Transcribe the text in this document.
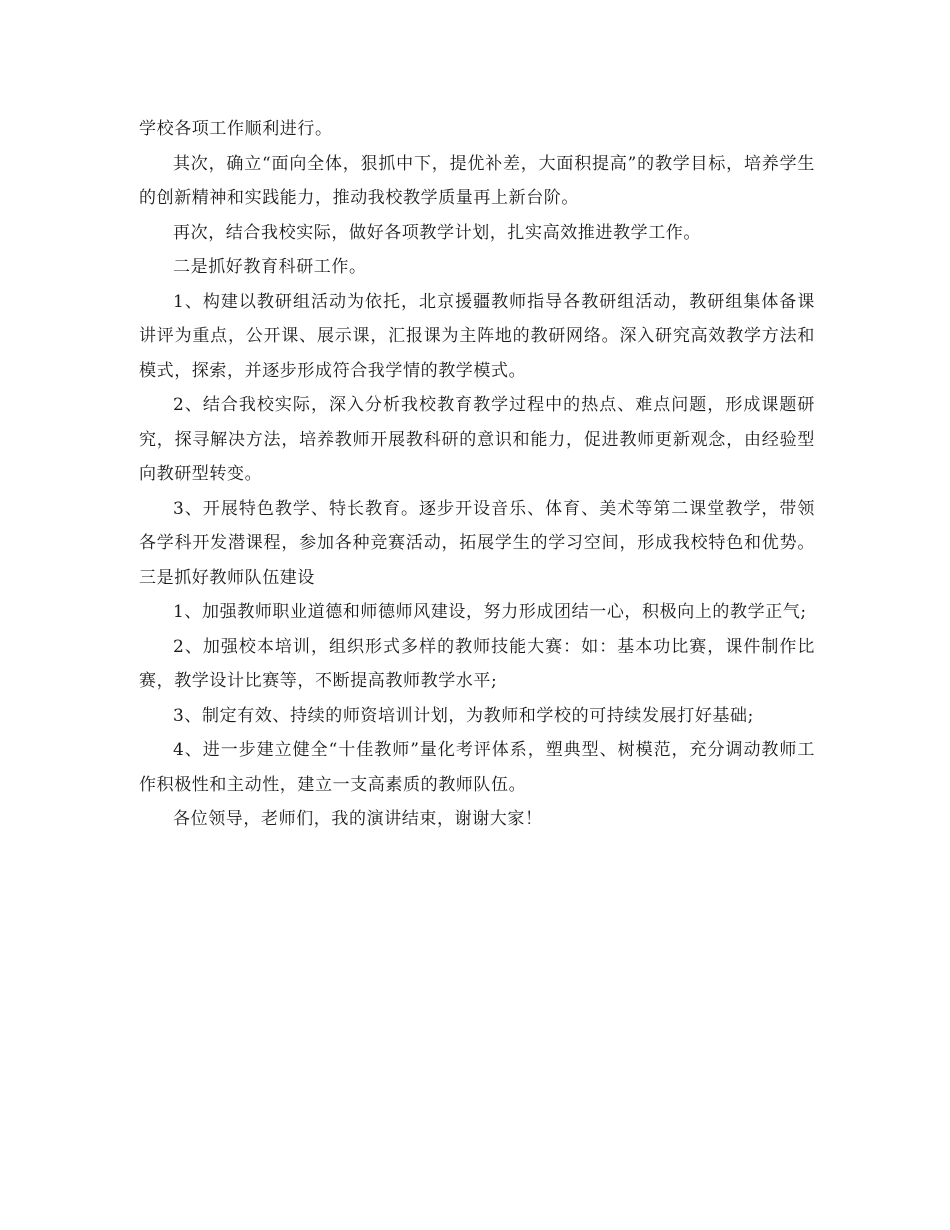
学校各项工作顺利进行。

其次，确立“面向全体，狠抓中下，提优补差，大面积提高”的教学目标，培养学生的创新精神和实践能力，推动我校教学质量再上新台阶。

再次，结合我校实际，做好各项教学计划，扎实高效推进教学工作。

二是抓好教育科研工作。

1、构建以教研组活动为依托，北京援疆教师指导各教研组活动，教研组集体备课讲评为重点，公开课、展示课，汇报课为主阵地的教研网络。深入研究高效教学方法和模式，探索，并逐步形成符合我学情的教学模式。

2、结合我校实际，深入分析我校教育教学过程中的热点、难点问题，形成课题研究，探寻解决方法，培养教师开展教科研的意识和能力，促进教师更新观念，由经验型向教研型转变。

3、开展特色教学、特长教育。逐步开设音乐、体育、美术等第二课堂教学，带领各学科开发潜课程，参加各种竞赛活动，拓展学生的学习空间，形成我校特色和优势。 三是抓好教师队伍建设

1、加强教师职业道德和师德师风建设，努力形成团结一心，积极向上的教学正气;

2、加强校本培训，组织形式多样的教师技能大赛：如：基本功比赛，课件制作比赛，教学设计比赛等，不断提高教师教学水平;

3、制定有效、持续的师资培训计划，为教师和学校的可持续发展打好基础;

4、进一步建立健全“十佳教师”量化考评体系，塑典型、树模范，充分调动教师工作积极性和主动性，建立一支高素质的教师队伍。

各位领导，老师们，我的演讲结束，谢谢大家！
